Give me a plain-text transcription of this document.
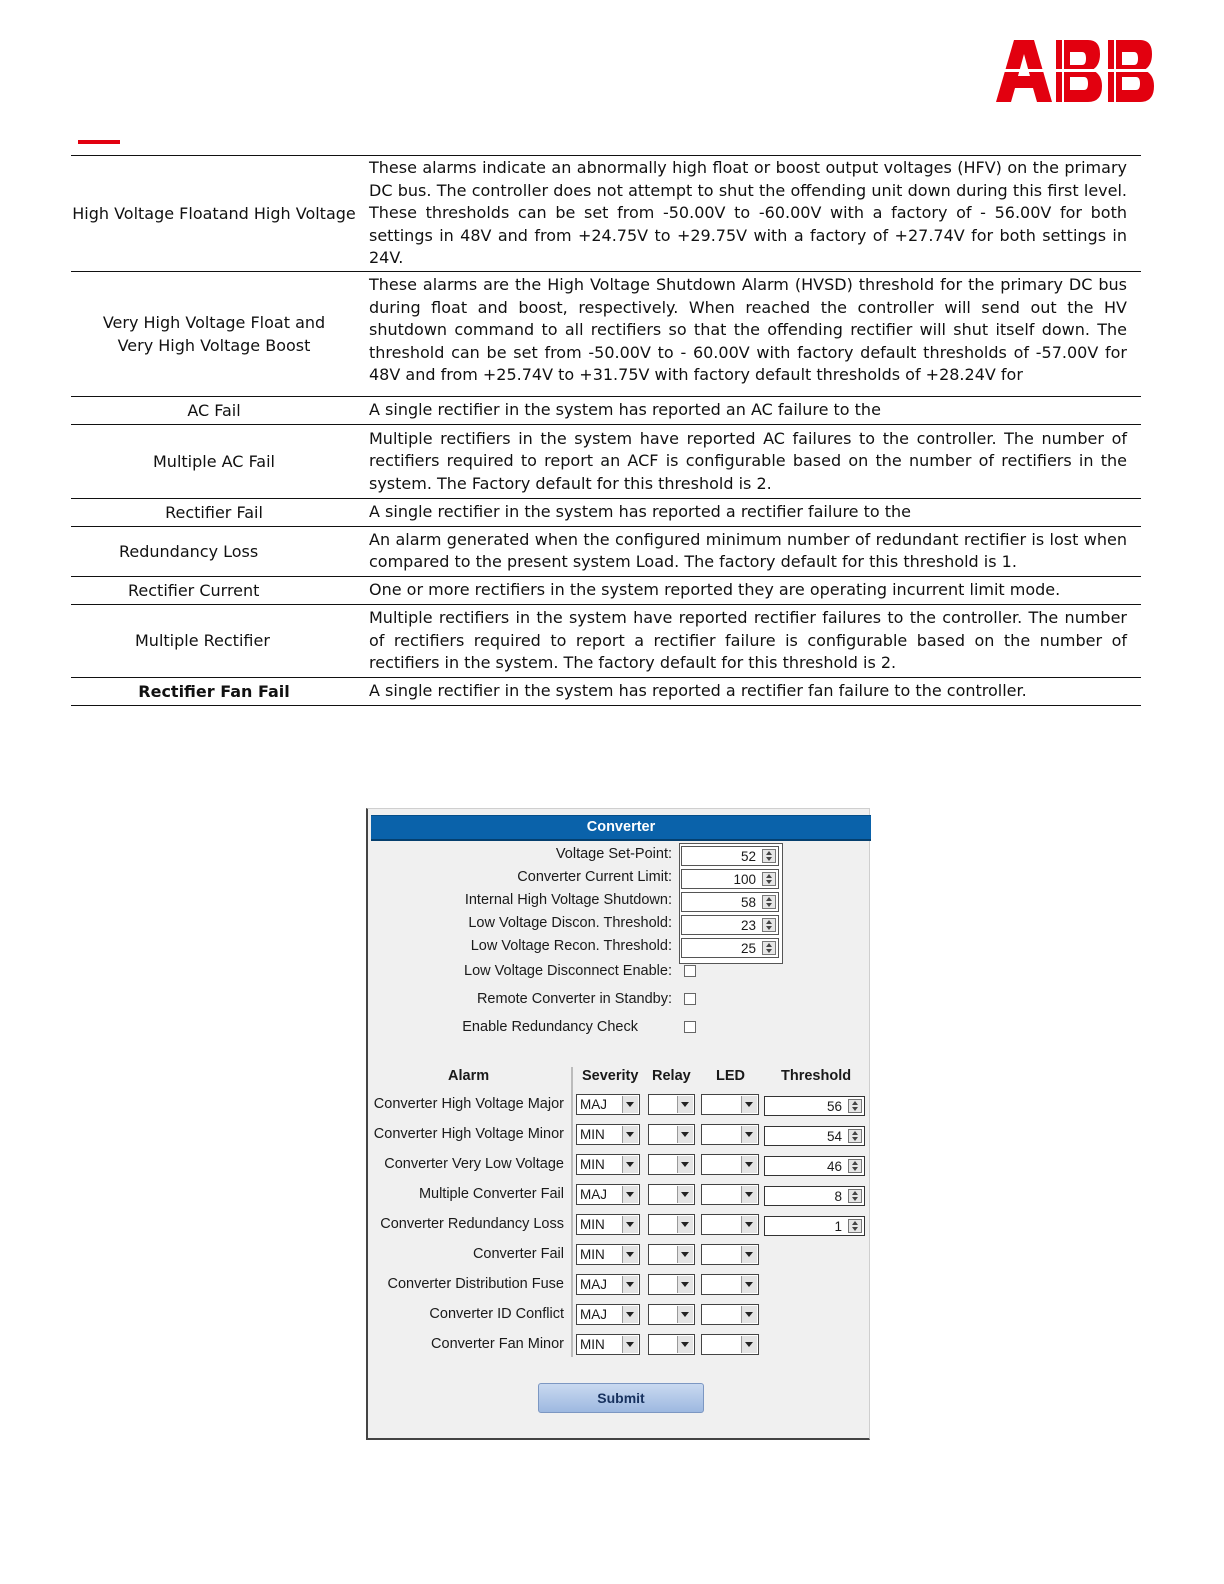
High Voltage Floatand High Voltage	These alarms indicate an abnormally high float or boost output voltages (HFV) on the primary DC bus. The controller does not attempt to shut the offending unit down during this first level. These thresholds can be set from -50.00V to -60.00V with a factory of - 56.00V for both settings in 48V and from +24.75V to +29.75V with a factory of +27.74V for both settings in 24V.
Very High Voltage Float and Very High Voltage Boost	These alarms are the High Voltage Shutdown Alarm (HVSD) threshold for the primary DC bus during float and boost, respectively. When reached the controller will send out the HV shutdown command to all rectifiers so that the offending rectifier will shut itself down. The threshold can be set from -50.00V to - 60.00V with factory default thresholds of -57.00V for 48V and from +25.74V to +31.75V with factory default thresholds of +28.24V for
AC Fail	A single rectifier in the system has reported an AC failure to the
Multiple AC Fail	Multiple rectifiers in the system have reported AC failures to the controller. The number of rectifiers required to report an ACF is configurable based on the number of rectifiers in the system. The Factory default for this threshold is 2.
Rectifier Fail	A single rectifier in the system has reported a rectifier failure to the
Redundancy Loss	An alarm generated when the configured minimum number of redundant rectifier is lost when compared to the present system Load. The factory default for this threshold is 1.
Rectifier Current	One or more rectifiers in the system reported they are operating incurrent limit mode.
Multiple Rectifier	Multiple rectifiers in the system have reported rectifier failures to the controller. The number of rectifiers required to report a rectifier failure is configurable based on the number of rectifiers in the system. The factory default for this threshold is 2.
Rectifier Fan Fail	A single rectifier in the system has reported a rectifier fan failure to the controller.
Converter
Voltage Set-Point:	52
Converter Current Limit:	100
Internal High Voltage Shutdown:	58
Low Voltage Discon. Threshold:	23
Low Voltage Recon. Threshold:	25
Low Voltage Disconnect Enable:
Remote Converter in Standby:
Enable Redundancy Check
Alarm	Severity Relay LED Threshold
Converter High Voltage Major MAJ	56
Converter High Voltage Minor MIN	54
Converter Very Low Voltage MIN	46
Multiple Converter Fail MAJ	8
Converter Redundancy Loss MIN	1
Converter Fail MIN
Converter Distribution Fuse MAJ
Converter ID Conflict MAJ
Converter Fan Minor MIN
Submit
